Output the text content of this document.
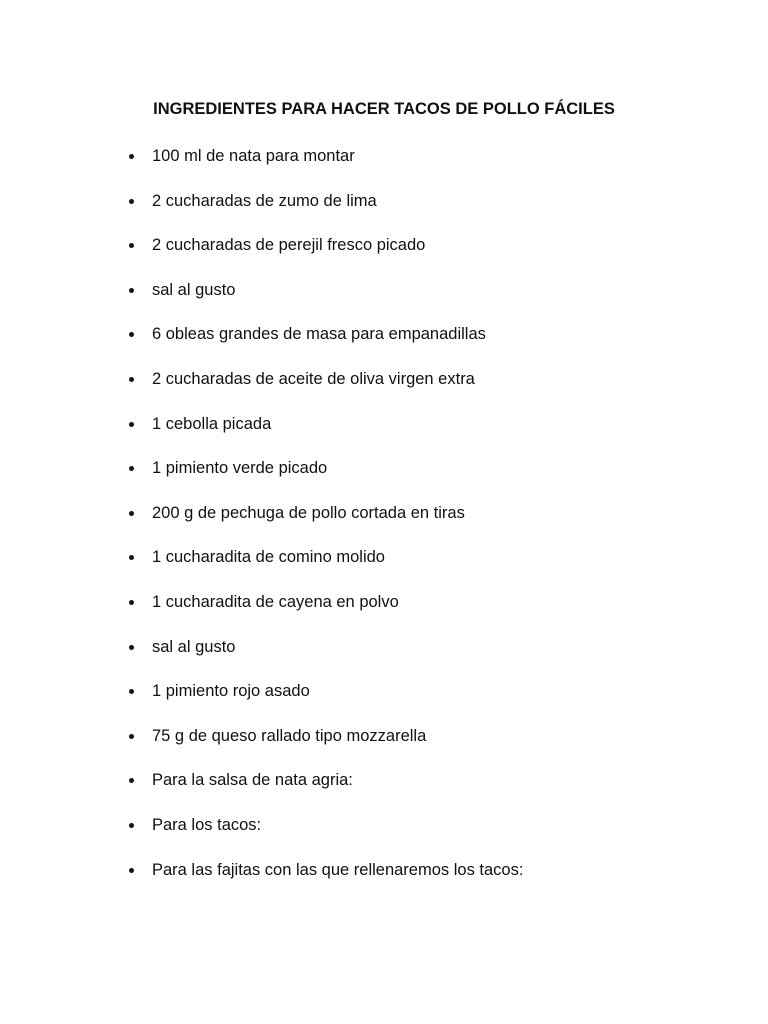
INGREDIENTES PARA HACER TACOS DE POLLO FÁCILES
100 ml de nata para montar
2 cucharadas de zumo de lima
2 cucharadas de perejil fresco picado
sal al gusto
6 obleas grandes de masa para empanadillas
2 cucharadas de aceite de oliva virgen extra
1 cebolla picada
1 pimiento verde picado
200 g de pechuga de pollo cortada en tiras
1 cucharadita de comino molido
1 cucharadita de cayena en polvo
sal al gusto
1 pimiento rojo asado
75 g de queso rallado tipo mozzarella
Para la salsa de nata agria:
Para los tacos:
Para las fajitas con las que rellenaremos los tacos:
